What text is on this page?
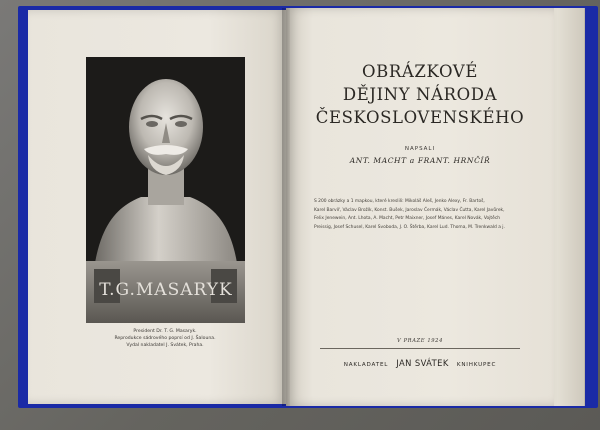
T.G.MASARYK
President Dr. T. G. Masaryk.
Reprodukce sádrového poprsí od J. Šalouna.
Vydal nakladatel J. Svátek, Praha.
OBRÁZKOVÉ
DĚJINY NÁRODA
ČESKOSLOVENSKÉHO
NAPSALI
ANT. MACHT a FRANT. HRNČÍŘ
S 200 obrázky a 1 mapkou, které kreslili: Mikoláš Aleš, Jenko Alexy, Fr. Bartoš,
Karel Barvíř, Václav Brožík, Konst. Bušek, Jaroslav Čermák, Václav Čutta, Karel Javůrek,
Felix Jenewein, Ant. Lhota, A. Macht, Petr Maixner, Josef Mánes, Karel Novák, Vojtěch
Preissig, Josef Schusel, Karel Svoboda, J. O. Štěrba, Karel Lud. Thoma, M. Trenkwald a j.
V PRAZE 1924
NAKLADATEL JAN SVÁTEK KNIHKUPEC
